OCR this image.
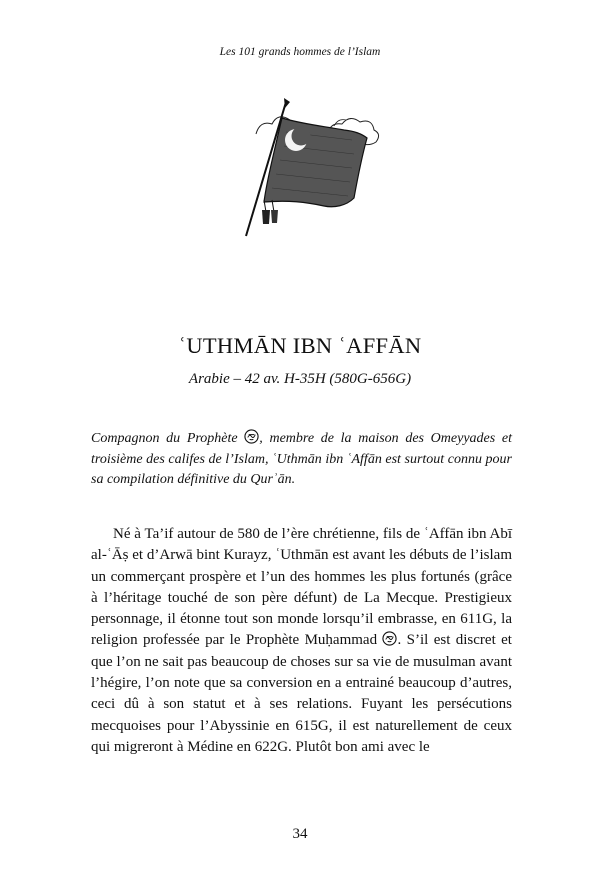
Les 101 grands hommes de l’Islam
ʿUTHMĀN IBN ʿAFFĀN
Arabie – 42 av. H-35H (580G-656G)
Compagnon du Prophète , membre de la maison des Omeyyades et troisième des califes de l’Islam, ʿUthmān ibn ʿAffān est surtout connu pour sa compilation définitive du Qurʾān.

Né à Ta’if autour de 580 de l’ère chrétienne, fils de ʿAffān ibn Abī al-ʿĀṣ et d’Arwā bint Kurayz, ʿUthmān est avant les débuts de l’islam un commerçant prospère et l’un des hommes les plus fortunés (grâce à l’héritage touché de son père défunt) de La Mecque. Prestigieux personnage, il étonne tout son monde lorsqu’il embrasse, en 611G, la religion professée par le Prophète Muḥammad . S’il est discret et que l’on ne sait pas beaucoup de choses sur sa vie de musulman avant l’hégire, l’on note que sa conversion en a entrainé beaucoup d’autres, ceci dû à son statut et à ses relations. Fuyant les persécutions mecquoises pour l’Abyssinie en 615G, il est naturellement de ceux qui migreront à Médine en 622G. Plutôt bon ami avec le

34
